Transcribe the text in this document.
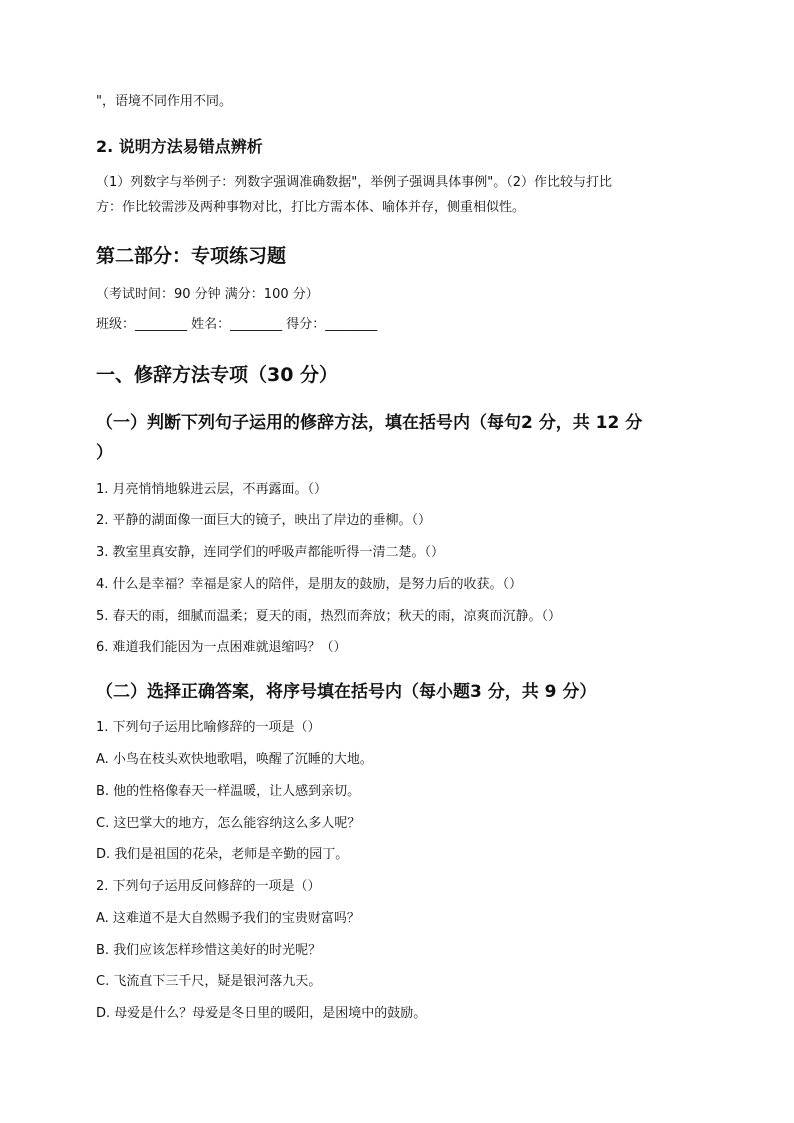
"，语境不同作用不同。
2. 说明方法易错点辨析
（1）列数字与举例子：列数字强调准确数据"，举例子强调具体事例"。（2）作比较与打比
方：作比较需涉及两种事物对比，打比方需本体、喻体并存，侧重相似性。
第二部分：专项练习题
（考试时间：90 分钟 满分：100 分）
班级：________ 姓名：________ 得分：________
一、修辞方法专项（30 分）
（一）判断下列句子运用的修辞方法，填在括号内（每句2 分，共 12 分
）
1. 月亮悄悄地躲进云层，不再露面。（）
2. 平静的湖面像一面巨大的镜子，映出了岸边的垂柳。（）
3. 教室里真安静，连同学们的呼吸声都能听得一清二楚。（）
4. 什么是幸福？幸福是家人的陪伴，是朋友的鼓励，是努力后的收获。（）
5. 春天的雨，细腻而温柔；夏天的雨，热烈而奔放；秋天的雨，凉爽而沉静。（）
6. 难道我们能因为一点困难就退缩吗？（）
（二）选择正确答案，将序号填在括号内（每小题3 分，共 9 分）
1. 下列句子运用比喻修辞的一项是（）
A. 小鸟在枝头欢快地歌唱，唤醒了沉睡的大地。
B. 他的性格像春天一样温暖，让人感到亲切。
C. 这巴掌大的地方，怎么能容纳这么多人呢？
D. 我们是祖国的花朵，老师是辛勤的园丁。
2. 下列句子运用反问修辞的一项是（）
A. 这难道不是大自然赐予我们的宝贵财富吗？
B. 我们应该怎样珍惜这美好的时光呢？
C. 飞流直下三千尺，疑是银河落九天。
D. 母爱是什么？母爱是冬日里的暖阳，是困境中的鼓励。
